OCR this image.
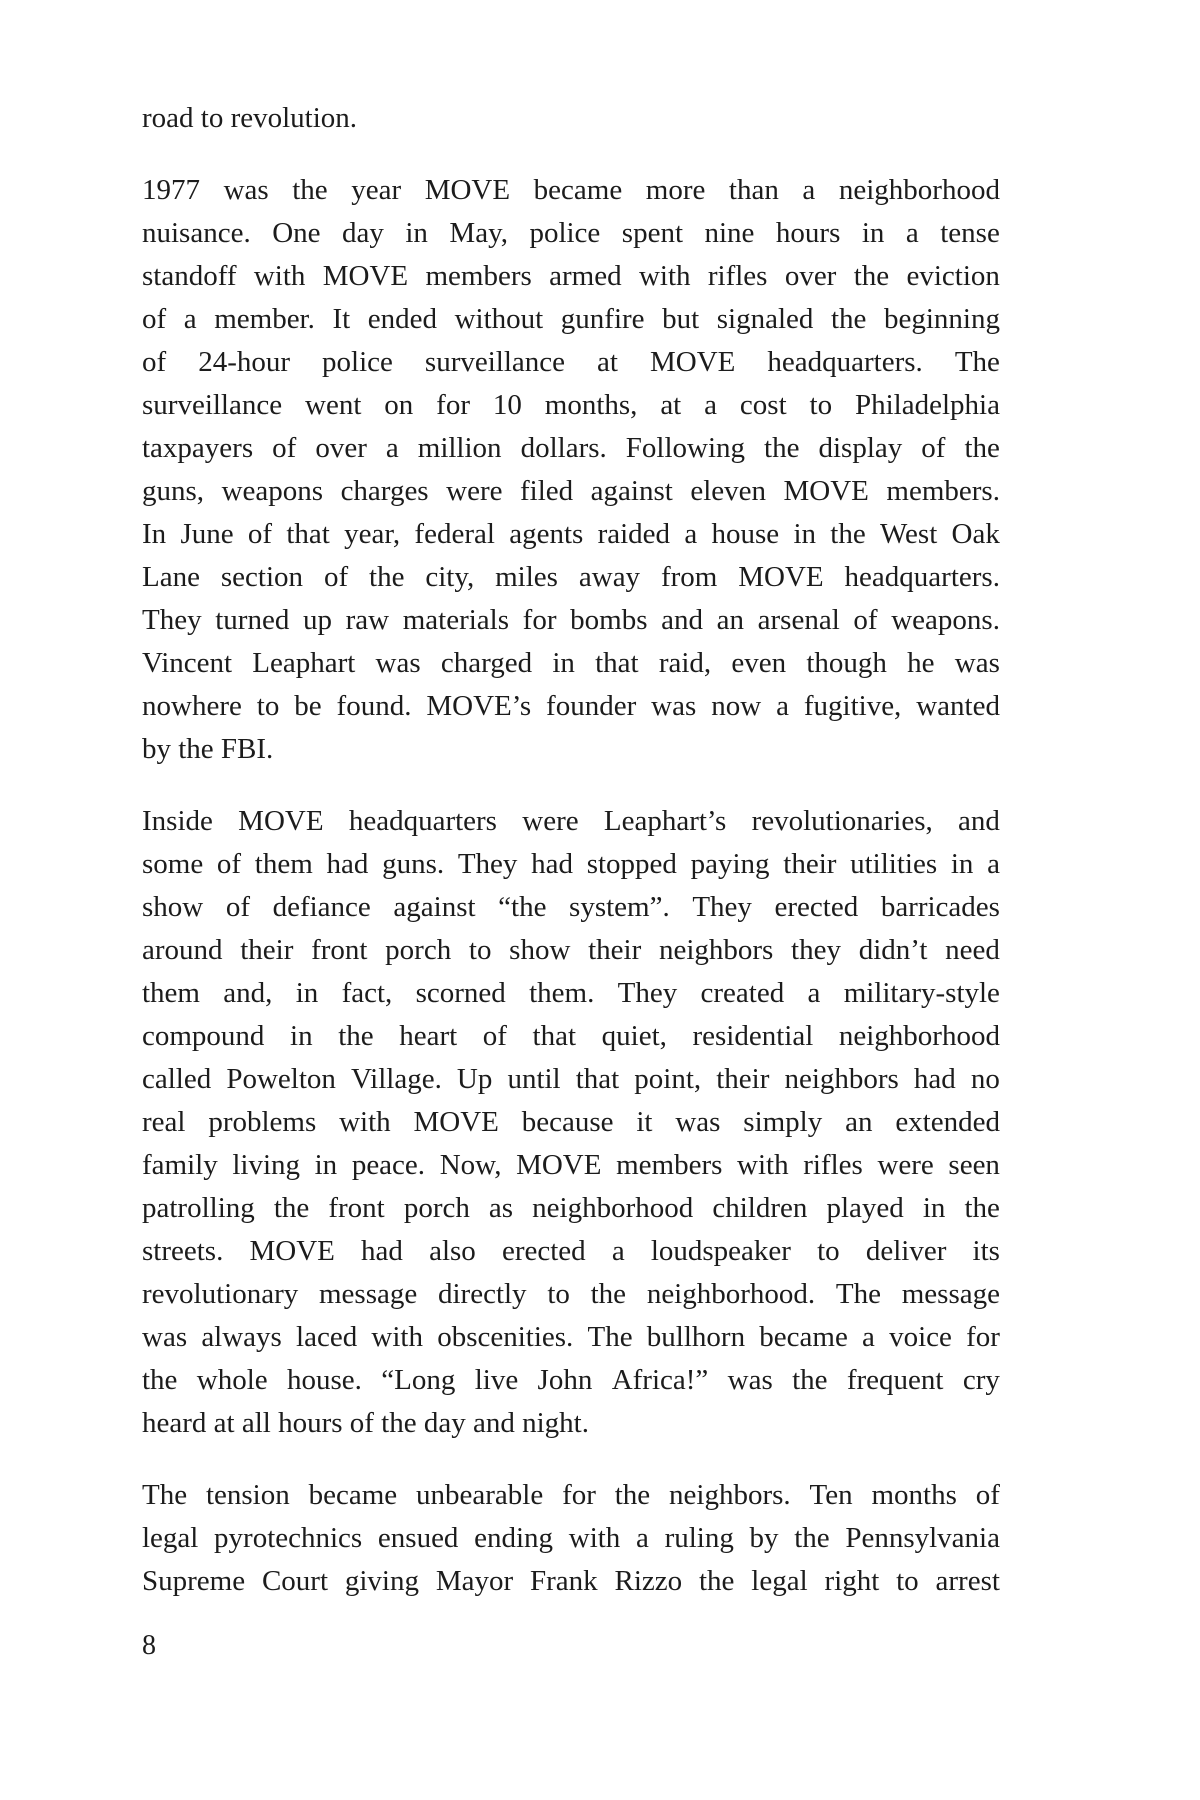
road to revolution.

1977 was the year MOVE became more than a neighborhood
nuisance. One day in May, police spent nine hours in a tense
standoff with MOVE members armed with rifles over the eviction
of a member. It ended without gunfire but signaled the beginning
of 24-hour police surveillance at MOVE headquarters. The
surveillance went on for 10 months, at a cost to Philadelphia
taxpayers of over a million dollars. Following the display of the
guns, weapons charges were filed against eleven MOVE members.
In June of that year, federal agents raided a house in the West Oak
Lane section of the city, miles away from MOVE headquarters.
They turned up raw materials for bombs and an arsenal of weapons.
Vincent Leaphart was charged in that raid, even though he was
nowhere to be found. MOVE’s founder was now a fugitive, wanted
by the FBI.

Inside MOVE headquarters were Leaphart’s revolutionaries, and
some of them had guns. They had stopped paying their utilities in a
show of defiance against “the system”. They erected barricades
around their front porch to show their neighbors they didn’t need
them and, in fact, scorned them. They created a military-style
compound in the heart of that quiet, residential neighborhood
called Powelton Village. Up until that point, their neighbors had no
real problems with MOVE because it was simply an extended
family living in peace. Now, MOVE members with rifles were seen
patrolling the front porch as neighborhood children played in the
streets. MOVE had also erected a loudspeaker to deliver its
revolutionary message directly to the neighborhood. The message
was always laced with obscenities. The bullhorn became a voice for
the whole house. “Long live John Africa!” was the frequent cry
heard at all hours of the day and night.

The tension became unbearable for the neighbors. Ten months of
legal pyrotechnics ensued ending with a ruling by the Pennsylvania
Supreme Court giving Mayor Frank Rizzo the legal right to arrest

8
